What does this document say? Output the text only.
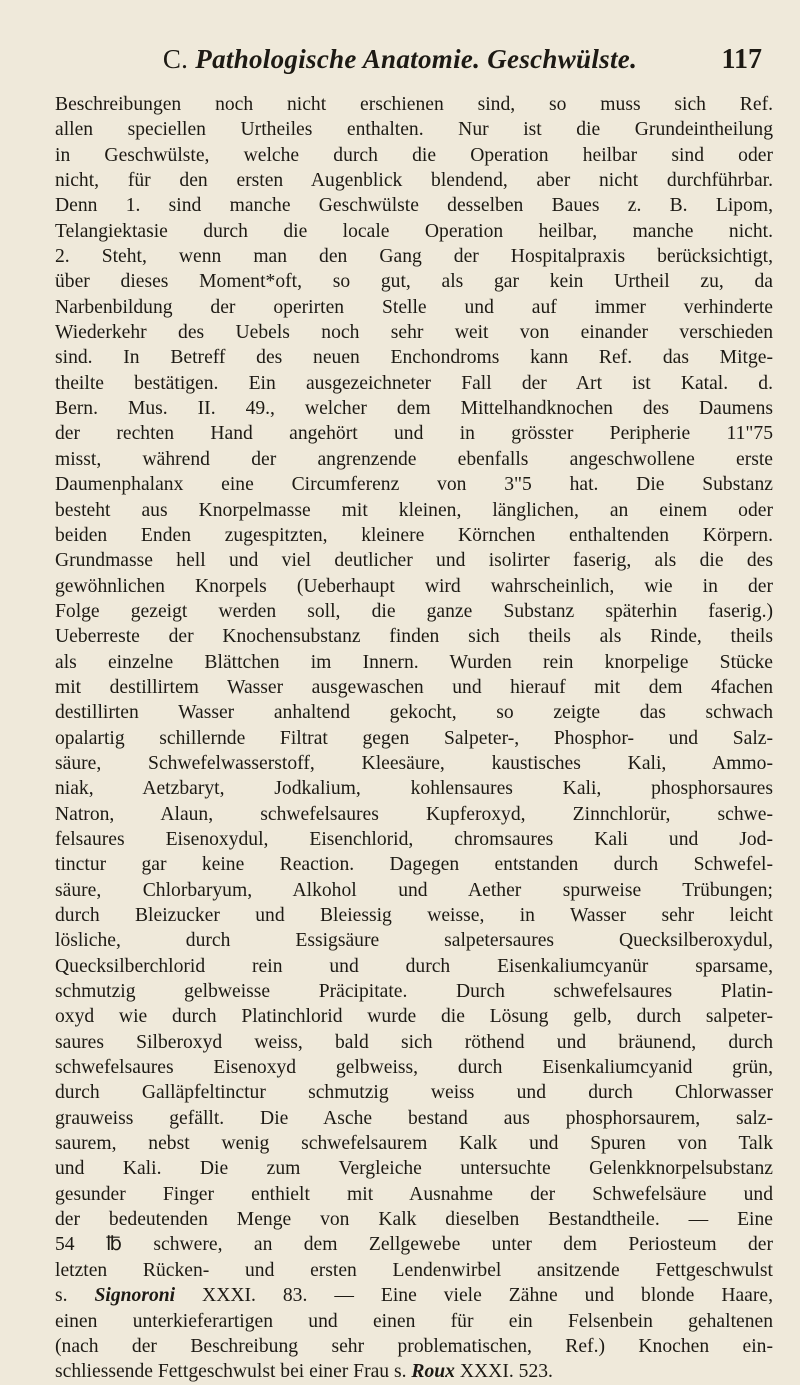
C. Pathologische Anatomie. Geschwülste.	117
Beschreibungen noch nicht erschienen sind, so muss sich Ref.
allen speciellen Urtheiles enthalten. Nur ist die Grundeintheilung
in Geschwülste, welche durch die Operation heilbar sind oder
nicht, für den ersten Augenblick blendend, aber nicht durchführbar.
Denn 1. sind manche Geschwülste desselben Baues z. B. Lipom,
Telangiektasie durch die locale Operation heilbar, manche nicht.
2. Steht, wenn man den Gang der Hospitalpraxis berücksichtigt,
über dieses Moment*oft, so gut, als gar kein Urtheil zu, da
Narbenbildung der operirten Stelle und auf immer verhinderte
Wiederkehr des Uebels noch sehr weit von einander verschieden
sind. In Betreff des neuen Enchondroms kann Ref. das Mitge-
theilte bestätigen. Ein ausgezeichneter Fall der Art ist Katal. d.
Bern. Mus. II. 49., welcher dem Mittelhandknochen des Daumens
der rechten Hand angehört und in grösster Peripherie 11"75
misst, während der angrenzende ebenfalls angeschwollene erste
Daumenphalanx eine Circumferenz von 3"5 hat. Die Substanz
besteht aus Knorpelmasse mit kleinen, länglichen, an einem oder
beiden Enden zugespitzten, kleinere Körnchen enthaltenden Körpern.
Grundmasse hell und viel deutlicher und isolirter faserig, als die des
gewöhnlichen Knorpels (Ueberhaupt wird wahrscheinlich, wie in der
Folge gezeigt werden soll, die ganze Substanz späterhin faserig.)
Ueberreste der Knochensubstanz finden sich theils als Rinde, theils
als einzelne Blättchen im Innern. Wurden rein knorpelige Stücke
mit destillirtem Wasser ausgewaschen und hierauf mit dem 4fachen
destillirten Wasser anhaltend gekocht, so zeigte das schwach
opalartig schillernde Filtrat gegen Salpeter-, Phosphor- und Salz-
säure, Schwefelwasserstoff, Kleesäure, kaustisches Kali, Ammo-
niak, Aetzbaryt, Jodkalium, kohlensaures Kali, phosphorsaures
Natron, Alaun, schwefelsaures Kupferoxyd, Zinnchlorür, schwe-
felsaures Eisenoxydul, Eisenchlorid, chromsaures Kali und Jod-
tinctur gar keine Reaction. Dagegen entstanden durch Schwefel-
säure, Chlorbaryum, Alkohol und Aether spurweise Trübungen;
durch Bleizucker und Bleiessig weisse, in Wasser sehr leicht
lösliche, durch Essigsäure salpetersaures Quecksilberoxydul,
Quecksilberchlorid rein und durch Eisenkaliumcyanür sparsame,
schmutzig gelbweisse Präcipitate. Durch schwefelsaures Platin-
oxyd wie durch Platinchlorid wurde die Lösung gelb, durch salpeter-
saures Silberoxyd weiss, bald sich röthend und bräunend, durch
schwefelsaures Eisenoxyd gelbweiss, durch Eisenkaliumcyanid grün,
durch Galläpfeltinctur schmutzig weiss und durch Chlorwasser
grauweiss gefällt. Die Asche bestand aus phosphorsaurem, salz-
saurem, nebst wenig schwefelsaurem Kalk und Spuren von Talk
und Kali. Die zum Vergleiche untersuchte Gelenkknorpelsubstanz
gesunder Finger enthielt mit Ausnahme der Schwefelsäure und
der bedeutenden Menge von Kalk dieselben Bestandtheile. — Eine
54 ℔ schwere, an dem Zellgewebe unter dem Periosteum der
letzten Rücken- und ersten Lendenwirbel ansitzende Fettgeschwulst
s. Signoroni XXXI. 83. — Eine viele Zähne und blonde Haare,
einen unterkieferartigen und einen für ein Felsenbein gehaltenen
(nach der Beschreibung sehr problematischen, Ref.) Knochen ein-
schliessende Fettgeschwulst bei einer Frau s. Roux XXXI. 523.
